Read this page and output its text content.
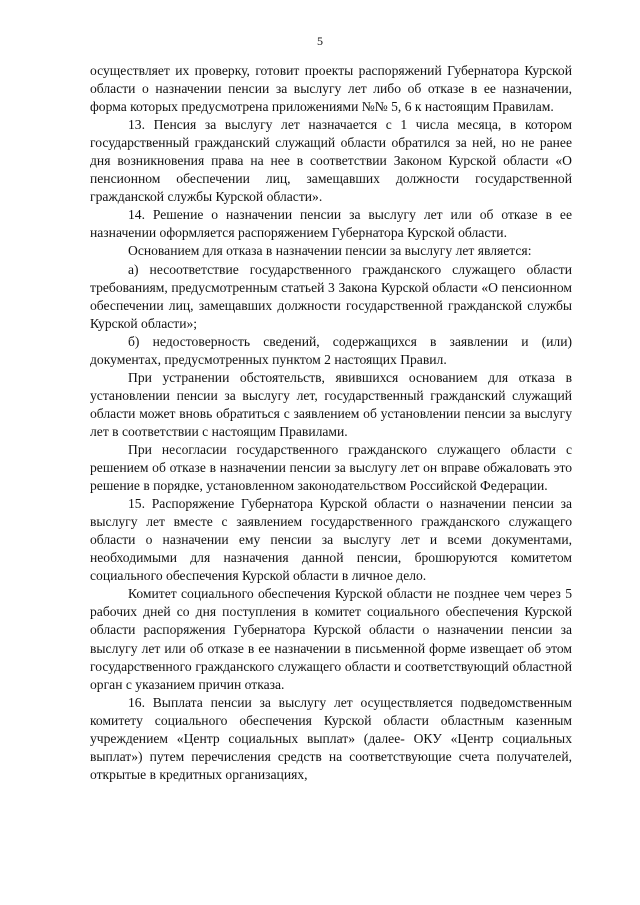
5

осуществляет их проверку, готовит проекты распоряжений Губернатора Курской области о назначении пенсии за выслугу лет либо об отказе в ее назначении, форма которых предусмотрена приложениями №№ 5, 6 к настоящим Правилам.

13. Пенсия за выслугу лет назначается с 1 числа месяца, в котором государственный гражданский служащий области обратился за ней, но не ранее дня возникновения права на нее в соответствии Законом Курской области «О пенсионном обеспечении лиц, замещавших должности государственной гражданской службы Курской области».

14. Решение о назначении пенсии за выслугу лет или об отказе в ее назначении оформляется распоряжением Губернатора Курской области.

Основанием для отказа в назначении пенсии за выслугу лет является:

а) несоответствие государственного гражданского служащего области требованиям, предусмотренным статьей 3 Закона Курской области «О пенсионном обеспечении лиц, замещавших должности государственной гражданской службы Курской области»;

б) недостоверность сведений, содержащихся в заявлении и (или) документах, предусмотренных пунктом 2 настоящих Правил.

При устранении обстоятельств, явившихся основанием для отказа в установлении пенсии за выслугу лет, государственный гражданский служащий области может вновь обратиться с заявлением об установлении пенсии за выслугу лет в соответствии с настоящим Правилами.

При несогласии государственного гражданского служащего области с решением об отказе в назначении пенсии за выслугу лет он вправе обжаловать это решение в порядке, установленном законодательством Российской Федерации.

15. Распоряжение Губернатора Курской области о назначении пенсии за выслугу лет вместе с заявлением государственного гражданского служащего области о назначении ему пенсии за выслугу лет и всеми документами, необходимыми для назначения данной пенсии, брошюруются комитетом социального обеспечения Курской области в личное дело.

Комитет социального обеспечения Курской области не позднее чем через 5 рабочих дней со дня поступления в комитет социального обеспечения Курской области распоряжения Губернатора Курской области о назначении пенсии за выслугу лет или об отказе в ее назначении в письменной форме извещает об этом государственного гражданского служащего области и соответствующий областной орган с указанием причин отказа.

16. Выплата пенсии за выслугу лет осуществляется подведомственным комитету социального обеспечения Курской области областным казенным учреждением «Центр социальных выплат» (далее- ОКУ «Центр социальных выплат») путем перечисления средств на соответствующие счета получателей, открытые в кредитных организациях,
